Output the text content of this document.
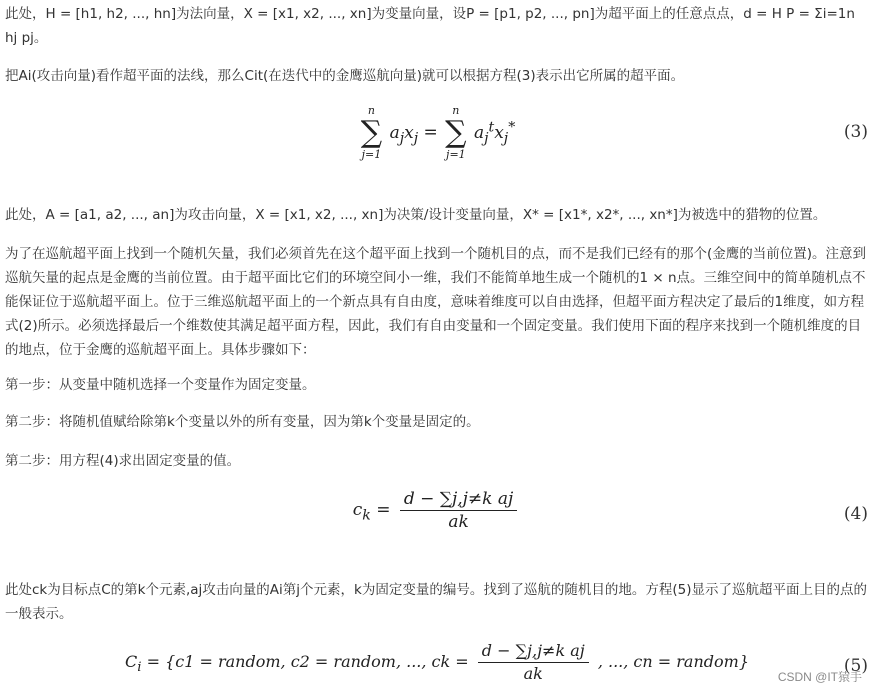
此处，H = [h1, h2, ..., hn]为法向量，X = [x1, x2, ..., xn]为变量向量，设P = [p1, p2, ..., pn]为超平面上的任意点点，d = H P = Σi=1n hj pj。
把Ai(攻击向量)看作超平面的法线，那么Cit(在迭代中的金鹰巡航向量)就可以根据方程(3)表示出它所属的超平面。
n
∑
j=1
$a_jx_j$ =
n
∑
j=1
$a_j^tx_j^*$	(3)
此处，A = [a1, a2, ..., an]为攻击向量，X = [x1, x2, ..., xn]为决策/设计变量向量，X* = [x1*, x2*, ..., xn*]为被选中的猎物的位置。
为了在巡航超平面上找到一个随机矢量，我们必须首先在这个超平面上找到一个随机目的点，而不是我们已经有的那个(金鹰的当前位置)。注意到巡航矢量的起点是金鹰的当前位置。由于超平面比它们的环境空间小一维，我们不能简单地生成一个随机的1 × n点。三维空间中的简单随机点不能保证位于巡航超平面上。位于三维巡航超平面上的一个新点具有自由度，意味着维度可以自由选择，但超平面方程决定了最后的1维度，如方程式(2)所示。必须选择最后一个维数使其满足超平面方程，因此，我们有自由变量和一个固定变量。我们使用下面的程序来找到一个随机维度的目的地点，位于金鹰的巡航超平面上。具体步骤如下：
第一步：从变量中随机选择一个变量作为固定变量。
第二步：将随机值赋给除第k个变量以外的所有变量，因为第k个变量是固定的。
第二步：用方程(4)求出固定变量的值。
$c_k = \frac{\text{d − ∑j,j≠k aj}}{ak}$	(4)
此处ck为目标点C的第k个元素,aj攻击向量的Ai第j个元素，k为固定变量的编号。找到了巡航的随机目的地。方程(5)显示了巡航超平面上目的点的一般表示。
$C_i = \{c1$ = random, c2 = random, ..., ck = $\frac{\text{d − ∑j,j≠k aj}}{ak}$ , ..., cn = random}	(5)
CSDN @IT猿手
